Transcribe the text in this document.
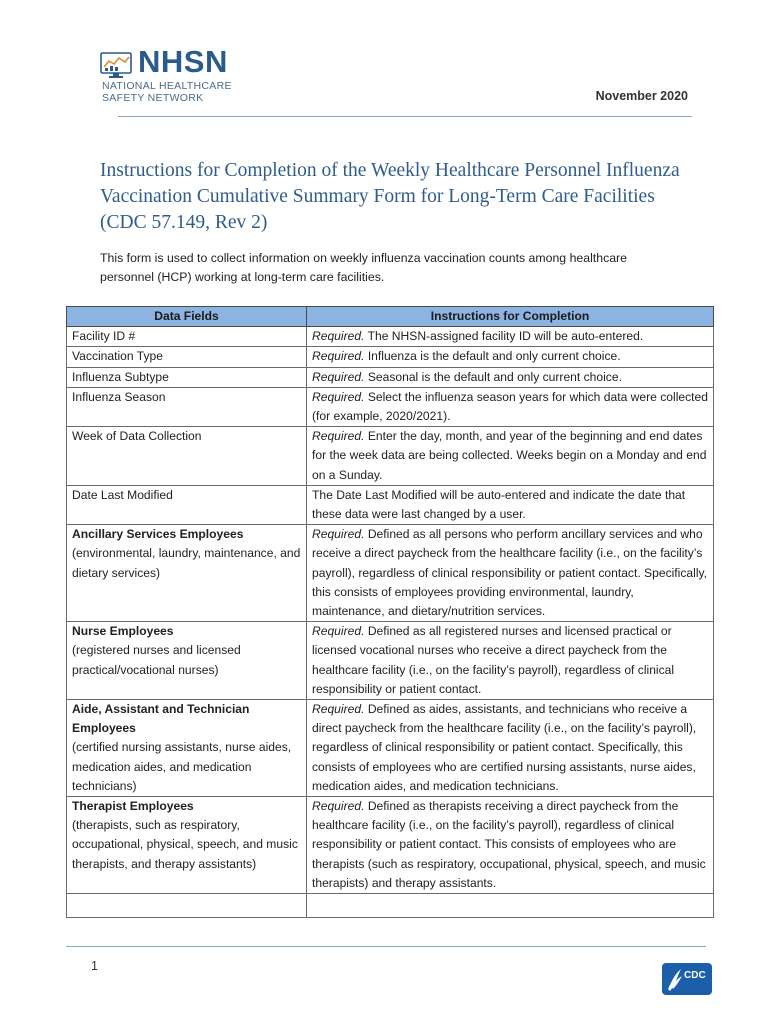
NHSN
NATIONAL HEALTHCARE
SAFETY NETWORK	November 2020
Instructions for Completion of the Weekly Healthcare Personnel Influenza Vaccination Cumulative Summary Form for Long-Term Care Facilities (CDC 57.149, Rev 2)

This form is used to collect information on weekly influenza vaccination counts among healthcare personnel (HCP) working at long-term care facilities.

Data Fields	Instructions for Completion
Facility ID #	Required. The NHSN-assigned facility ID will be auto-entered.
Vaccination Type	Required. Influenza is the default and only current choice.
Influenza Subtype	Required. Seasonal is the default and only current choice.
Influenza Season	Required. Select the influenza season years for which data were collected (for example, 2020/2021).
Week of Data Collection	Required. Enter the day, month, and year of the beginning and end dates for the week data are being collected. Weeks begin on a Monday and end on a Sunday.
Date Last Modified	The Date Last Modified will be auto-entered and indicate the date that these data were last changed by a user.

Ancillary Services Employees
(environmental, laundry, maintenance, and dietary services)	Required. Defined as all persons who perform ancillary services and who receive a direct paycheck from the healthcare facility (i.e., on the facility’s payroll), regardless of clinical responsibility or patient contact. Specifically, this consists of employees providing environmental, laundry, maintenance, and dietary/nutrition services.

Nurse Employees
(registered nurses and licensed practical/vocational nurses)	Required. Defined as all registered nurses and licensed practical or licensed vocational nurses who receive a direct paycheck from the healthcare facility (i.e., on the facility’s payroll), regardless of clinical responsibility or patient contact.

Aide, Assistant and Technician Employees
(certified nursing assistants, nurse aides, medication aides, and medication technicians)	Required. Defined as aides, assistants, and technicians who receive a direct paycheck from the healthcare facility (i.e., on the facility’s payroll), regardless of clinical responsibility or patient contact. Specifically, this consists of employees who are certified nursing assistants, nurse aides, medication aides, and medication technicians.

Therapist Employees
(therapists, such as respiratory, occupational, physical, speech, and music therapists, and therapy assistants)	Required. Defined as therapists receiving a direct paycheck from the healthcare facility (i.e., on the facility’s payroll), regardless of clinical responsibility or patient contact. This consists of employees who are therapists (such as respiratory, occupational, physical, speech, and music therapists) and therapy assistants.

1
CDC
